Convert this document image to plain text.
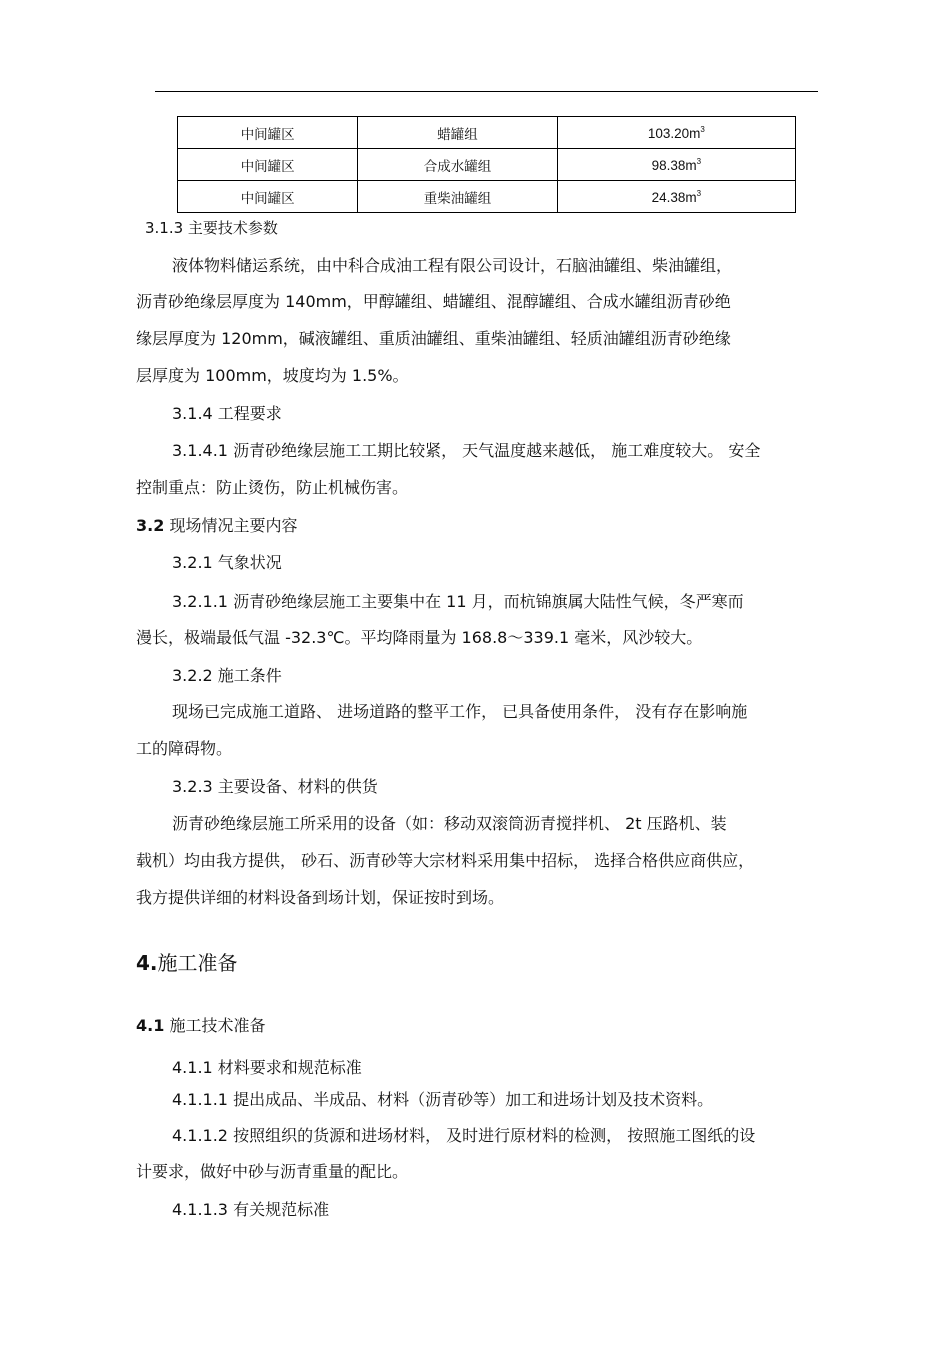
中间罐区	蜡罐组	$103.20m^3$
中间罐区	合成水罐组	$98.38m^3$
中间罐区	重柴油罐组	$24.38m^3$
3.1.3 主要技术参数
液体物料储运系统，由中科合成油工程有限公司设计，石脑油罐组、柴油罐组，
沥青砂绝缘层厚度为 140mm，甲醇罐组、蜡罐组、混醇罐组、合成水罐组沥青砂绝
缘层厚度为 120mm，碱液罐组、重质油罐组、重柴油罐组、轻质油罐组沥青砂绝缘
层厚度为 100mm，坡度均为 1.5%。
3.1.4 工程要求
3.1.4.1 沥青砂绝缘层施工工期比较紧， 天气温度越来越低， 施工难度较大。 安全
控制重点：防止烫伤，防止机械伤害。
3.2 现场情况主要内容
3.2.1 气象状况
3.2.1.1 沥青砂绝缘层施工主要集中在 11 月，而杭锦旗属大陆性气候，冬严寒而
漫长，极端最低气温 -32.3℃。平均降雨量为 168.8～339.1 毫米，风沙较大。
3.2.2 施工条件
现场已完成施工道路、 进场道路的整平工作， 已具备使用条件， 没有存在影响施
工的障碍物。
3.2.3 主要设备、材料的供货
沥青砂绝缘层施工所采用的设备（如：移动双滚筒沥青搅拌机、 2t 压路机、装
载机）均由我方提供， 砂石、沥青砂等大宗材料采用集中招标， 选择合格供应商供应，
我方提供详细的材料设备到场计划，保证按时到场。
4.施工准备
4.1 施工技术准备
4.1.1 材料要求和规范标准
4.1.1.1 提出成品、半成品、材料（沥青砂等）加工和进场计划及技术资料。
4.1.1.2 按照组织的货源和进场材料， 及时进行原材料的检测， 按照施工图纸的设
计要求，做好中砂与沥青重量的配比。
4.1.1.3 有关规范标准
